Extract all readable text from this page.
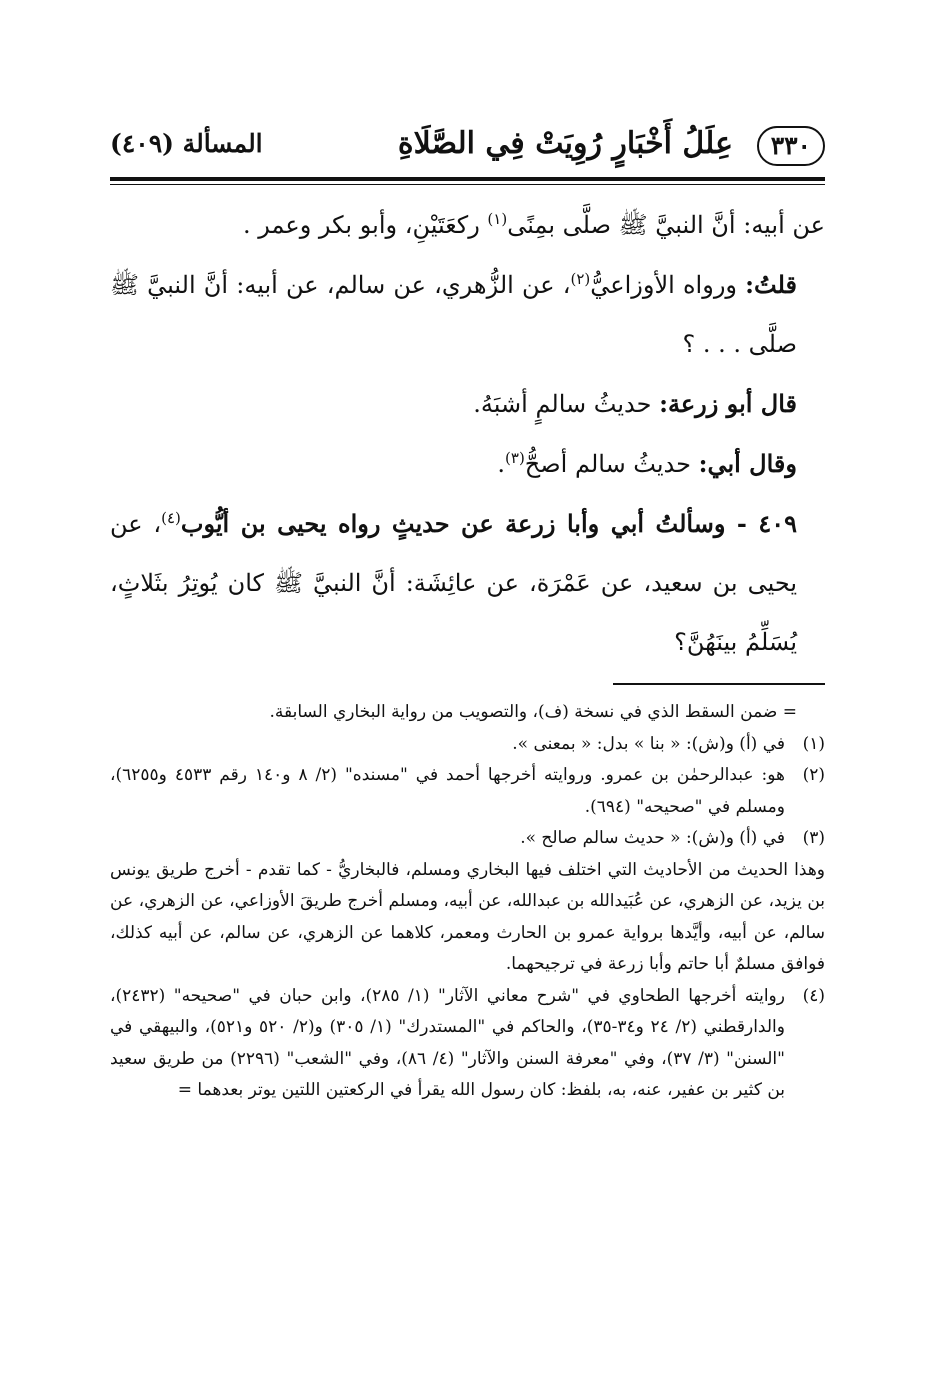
٣٣٠
عِلَلُ أَخْبَارٍ رُوِيَتْ فِي الصَّلَاةِ
المسألة (٤٠٩)

عن أبيه: أنَّ النبيَّ ﷺ صلَّى بمِنًى$^{(١)}$ ركعَتَيْنِ، وأبو بكر وعمر .

قلتُ: ورواه الأوزاعيُّ$^{(٢)}$، عن الزُّهري، عن سالم، عن أبيه: أنَّ النبيَّ ﷺ صلَّى . . . ؟

قال أبو زرعة: حديثُ سالمٍ أشبَهُ.

وقال أبي: حديثُ سالم أصحُّ$^{(٣)}$.

٤٠٩ - وسألتُ أبي وأبا زرعة عن حديثٍ رواه يحيى بن أيُّوب$^{(٤)}$، عن يحيى بن سعيد، عن عَمْرَة، عن عائِشَة: أنَّ النبيَّ ﷺ كان يُوتِرُ بثَلاثٍ، يُسَلِّمُ بينَهُنَّ؟

= ضمن السقط الذي في نسخة (ف)، والتصويب من رواية البخاري السابقة.
(١)
في (أ) و(ش): « بنا » بدل: « بمعنى ».
(٢)
هو: عبدالرحمٰن بن عمرو. وروايته أخرجها أحمد في "مسنده" (٢/ ٨ و١٤٠ رقم ٤٥٣٣ و٦٢٥٥)، ومسلم في "صحيحه" (٦٩٤).
(٣)
في (أ) و(ش): « حديث سالم صالح ».
وهذا الحديث من الأحاديث التي اختلف فيها البخاري ومسلم، فالبخاريُّ - كما تقدم - أخرج طريق يونس بن يزيد، عن الزهري، عن عُبَيدالله بن عبدالله، عن أبيه، ومسلم أخرج طريقَ الأوزاعي، عن الزهري، عن سالم، عن أبيه، وأيَّدها برواية عمرو بن الحارث ومعمر، كلاهما عن الزهري، عن سالم، عن أبيه كذلك، فوافق مسلمٌ أبا حاتم وأبا زرعة في ترجيحهما.
(٤)
روايته أخرجها الطحاوي في "شرح معاني الآثار" (١/ ٢٨٥)، وابن حبان في "صحيحه" (٢٤٣٢)، والدارقطني (٢/ ٢٤ و٣٤-٣٥)، والحاكم في "المستدرك" (١/ ٣٠٥) و(٢/ ٥٢٠ و٥٢١)، والبيهقي في "السنن" (٣/ ٣٧)، وفي "معرفة السنن والآثار" (٤/ ٨٦)، وفي "الشعب" (٢٢٩٦) من طريق سعيد بن كثير بن عفير، عنه، به، بلفظ: كان رسول الله يقرأ في الركعتين اللتين يوتر بعدهما =
